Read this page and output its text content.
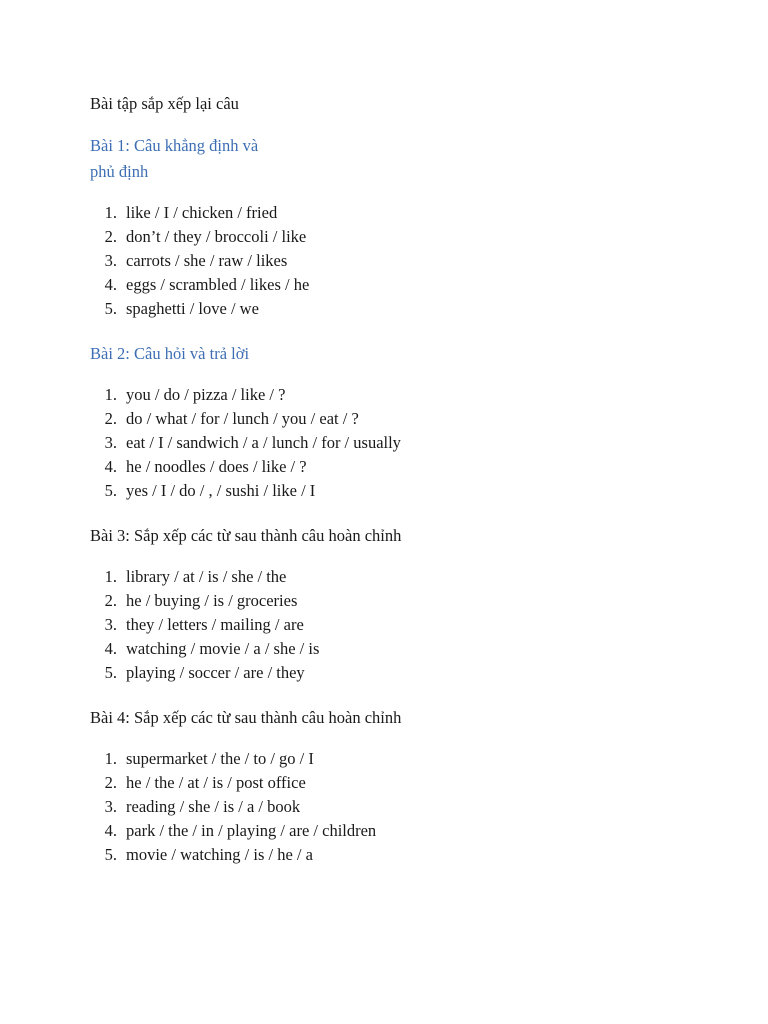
Bài tập sắp xếp lại câu
Bài 1: Câu khẳng định và phủ định
1. like / I / chicken / fried
2. don’t / they / broccoli / like
3. carrots / she / raw / likes
4. eggs / scrambled / likes / he
5. spaghetti / love / we
Bài 2: Câu hỏi và trả lời
1. you / do / pizza / like / ?
2. do / what / for / lunch / you / eat / ?
3. eat / I / sandwich / a / lunch / for / usually
4. he / noodles / does / like / ?
5. yes / I / do / , / sushi / like / I
Bài 3: Sắp xếp các từ sau thành câu hoàn chỉnh
1. library / at / is / she / the
2. he / buying / is / groceries
3. they / letters / mailing / are
4. watching / movie / a / she / is
5. playing / soccer / are / they
Bài 4: Sắp xếp các từ sau thành câu hoàn chỉnh
1. supermarket / the / to / go / I
2. he / the / at / is / post office
3. reading / she / is / a / book
4. park / the / in / playing / are / children
5. movie / watching / is / he / a
